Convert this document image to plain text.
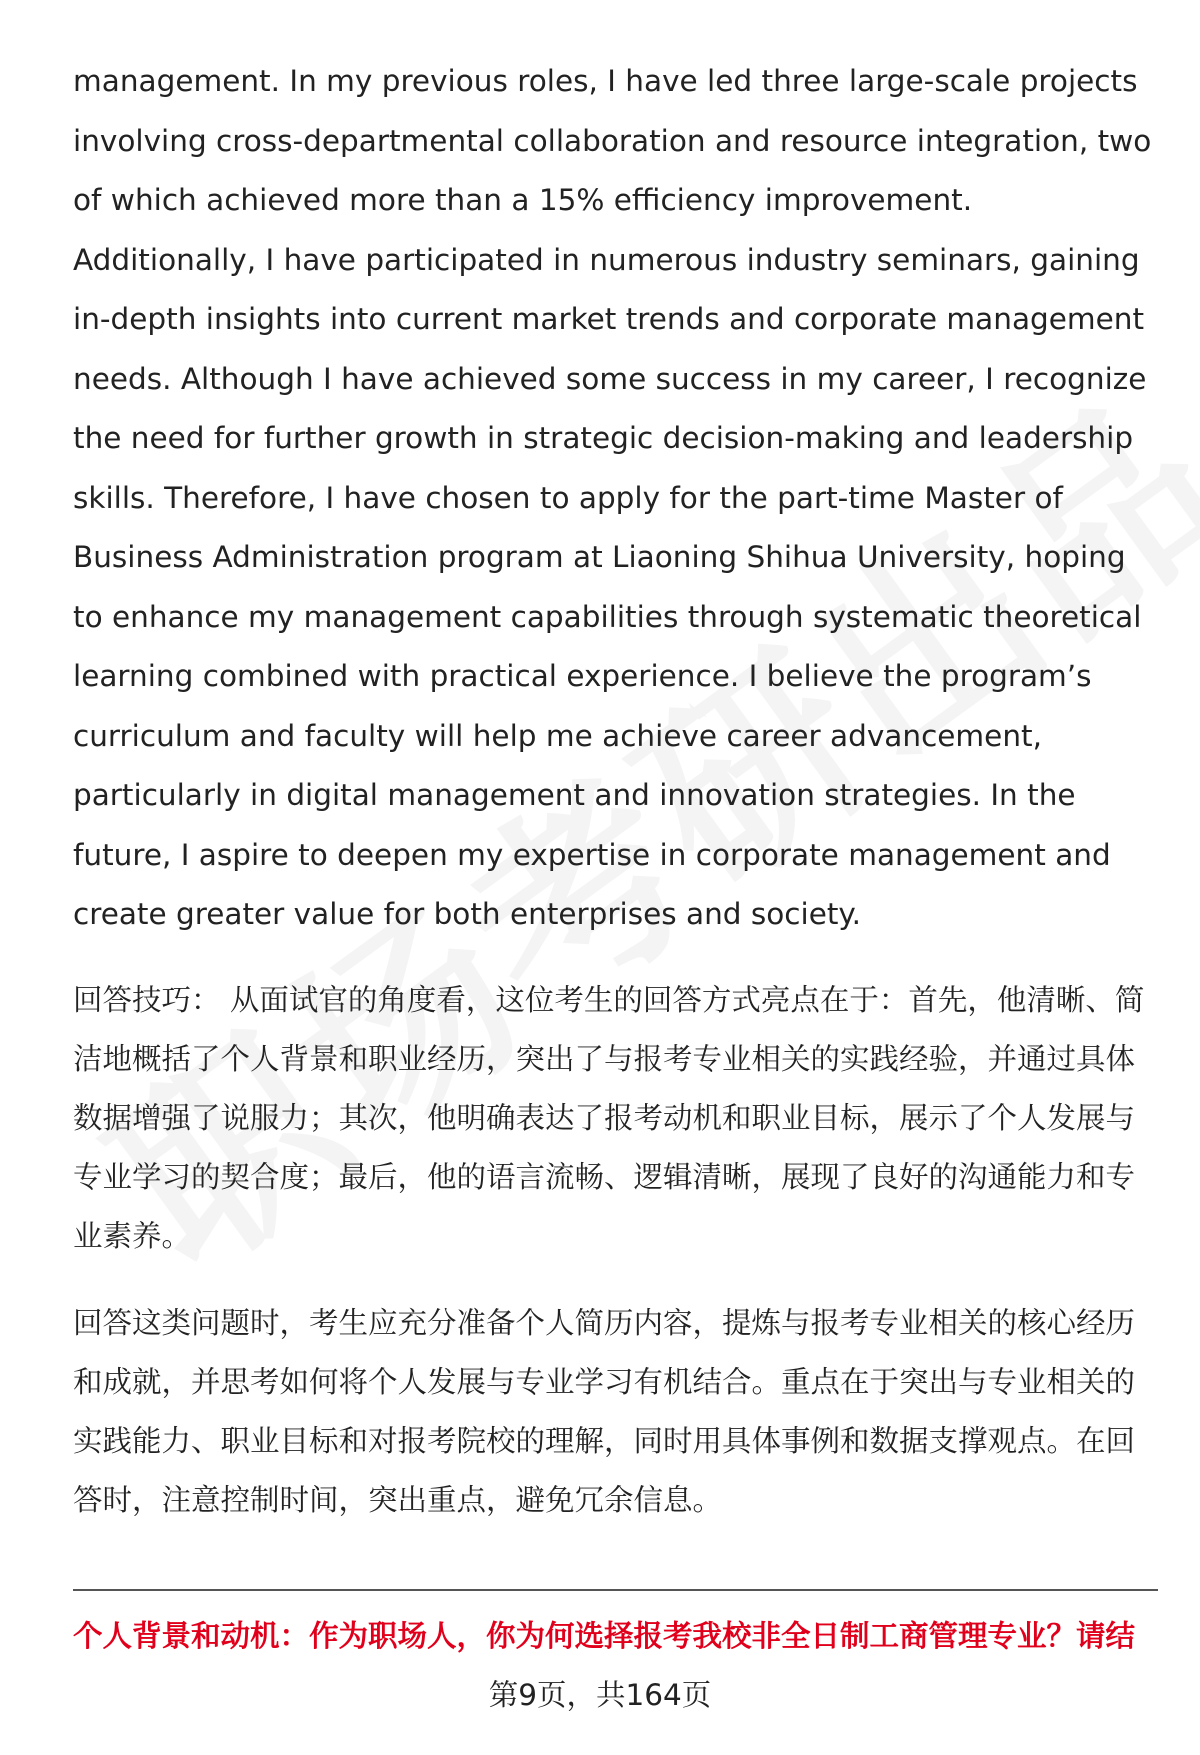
management. In my previous roles, I have led three large-scale projects involving cross-departmental collaboration and resource integration, two of which achieved more than a 15% efficiency improvement. Additionally, I have participated in numerous industry seminars, gaining in-depth insights into current market trends and corporate management needs. Although I have achieved some success in my career, I recognize the need for further growth in strategic decision-making and leadership skills. Therefore, I have chosen to apply for the part-time Master of Business Administration program at Liaoning Shihua University, hoping to enhance my management capabilities through systematic theoretical learning combined with practical experience. I believe the program’s curriculum and faculty will help me achieve career advancement, particularly in digital management and innovation strategies. In the future, I aspire to deepen my expertise in corporate management and create greater value for both enterprises and society.

回答技巧： 从面试官的角度看，这位考生的回答方式亮点在于：首先，他清晰、简洁地概括了个人背景和职业经历，突出了与报考专业相关的实践经验，并通过具体数据增强了说服力；其次，他明确表达了报考动机和职业目标，展示了个人发展与专业学习的契合度；最后，他的语言流畅、逻辑清晰，展现了良好的沟通能力和专业素养。

回答这类问题时，考生应充分准备个人简历内容，提炼与报考专业相关的核心经历和成就，并思考如何将个人发展与专业学习有机结合。重点在于突出与专业相关的实践能力、职业目标和对报考院校的理解，同时用具体事例和数据支撑观点。在回答时，注意控制时间，突出重点，避免冗余信息。

个人背景和动机：作为职场人，你为何选择报考我校非全日制工商管理专业？请结
第9页，共164页
